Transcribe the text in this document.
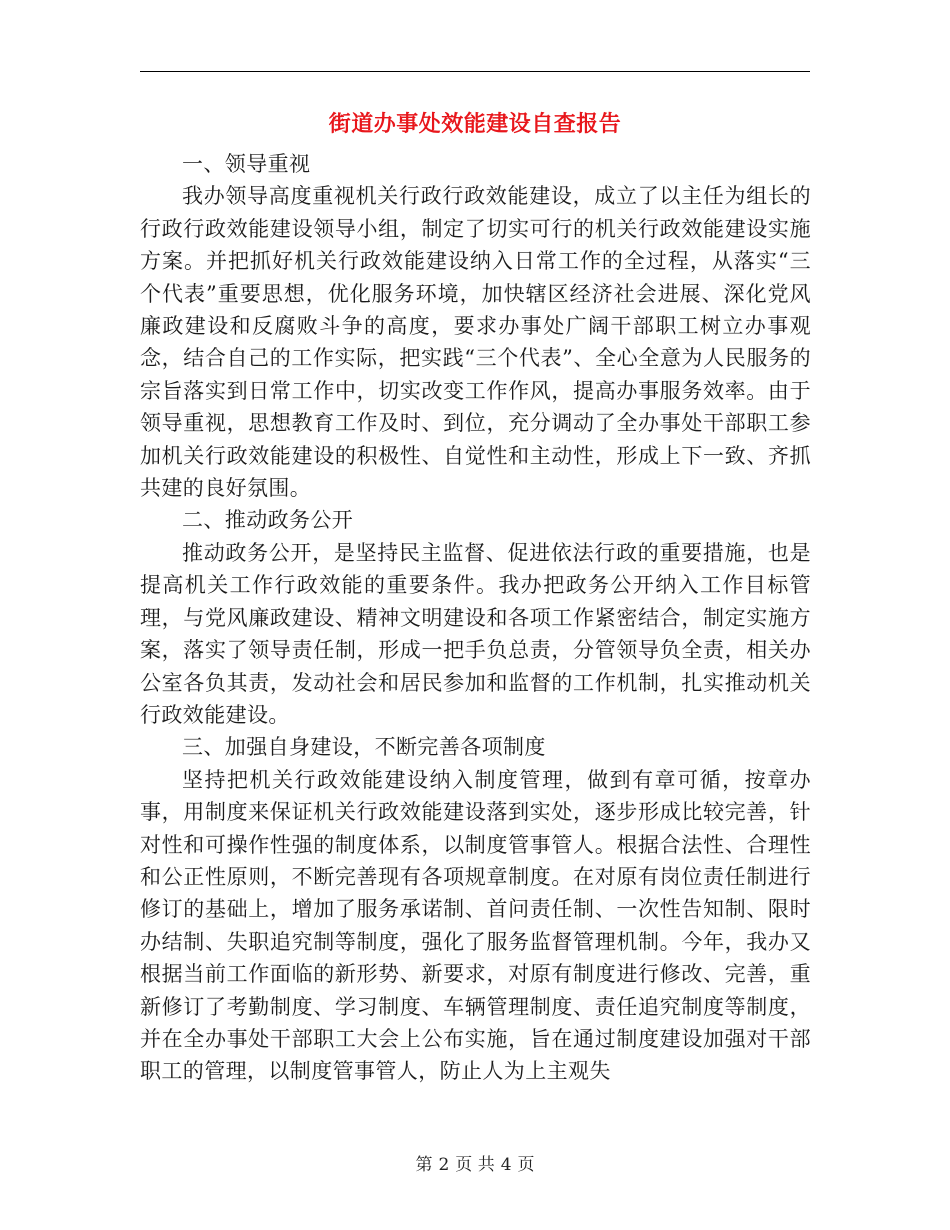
街道办事处效能建设自查报告

一、领导重视

我办领导高度重视机关行政行政效能建设，成立了以主任为组长的行政行政效能建设领导小组，制定了切实可行的机关行政效能建设实施方案。并把抓好机关行政效能建设纳入日常工作的全过程，从落实“三个代表”重要思想，优化服务环境，加快辖区经济社会进展、深化党风廉政建设和反腐败斗争的高度，要求办事处广阔干部职工树立办事观念，结合自己的工作实际，把实践“三个代表”、全心全意为人民服务的宗旨落实到日常工作中，切实改变工作作风，提高办事服务效率。由于领导重视，思想教育工作及时、到位，充分调动了全办事处干部职工参加机关行政效能建设的积极性、自觉性和主动性，形成上下一致、齐抓共建的良好氛围。

二、推动政务公开

推动政务公开，是坚持民主监督、促进依法行政的重要措施，也是提高机关工作行政效能的重要条件。我办把政务公开纳入工作目标管理，与党风廉政建设、精神文明建设和各项工作紧密结合，制定实施方案，落实了领导责任制，形成一把手负总责，分管领导负全责，相关办公室各负其责，发动社会和居民参加和监督的工作机制，扎实推动机关行政效能建设。

三、加强自身建设，不断完善各项制度

坚持把机关行政效能建设纳入制度管理，做到有章可循，按章办事，用制度来保证机关行政效能建设落到实处，逐步形成比较完善，针对性和可操作性强的制度体系，以制度管事管人。根据合法性、合理性和公正性原则，不断完善现有各项规章制度。在对原有岗位责任制进行修订的基础上，增加了服务承诺制、首问责任制、一次性告知制、限时办结制、失职追究制等制度，强化了服务监督管理机制。今年，我办又根据当前工作面临的新形势、新要求，对原有制度进行修改、完善，重新修订了考勤制度、学习制度、车辆管理制度、责任追究制度等制度，并在全办事处干部职工大会上公布实施，旨在通过制度建设加强对干部职工的管理，以制度管事管人，防止人为上主观失

第 2 页 共 4 页
